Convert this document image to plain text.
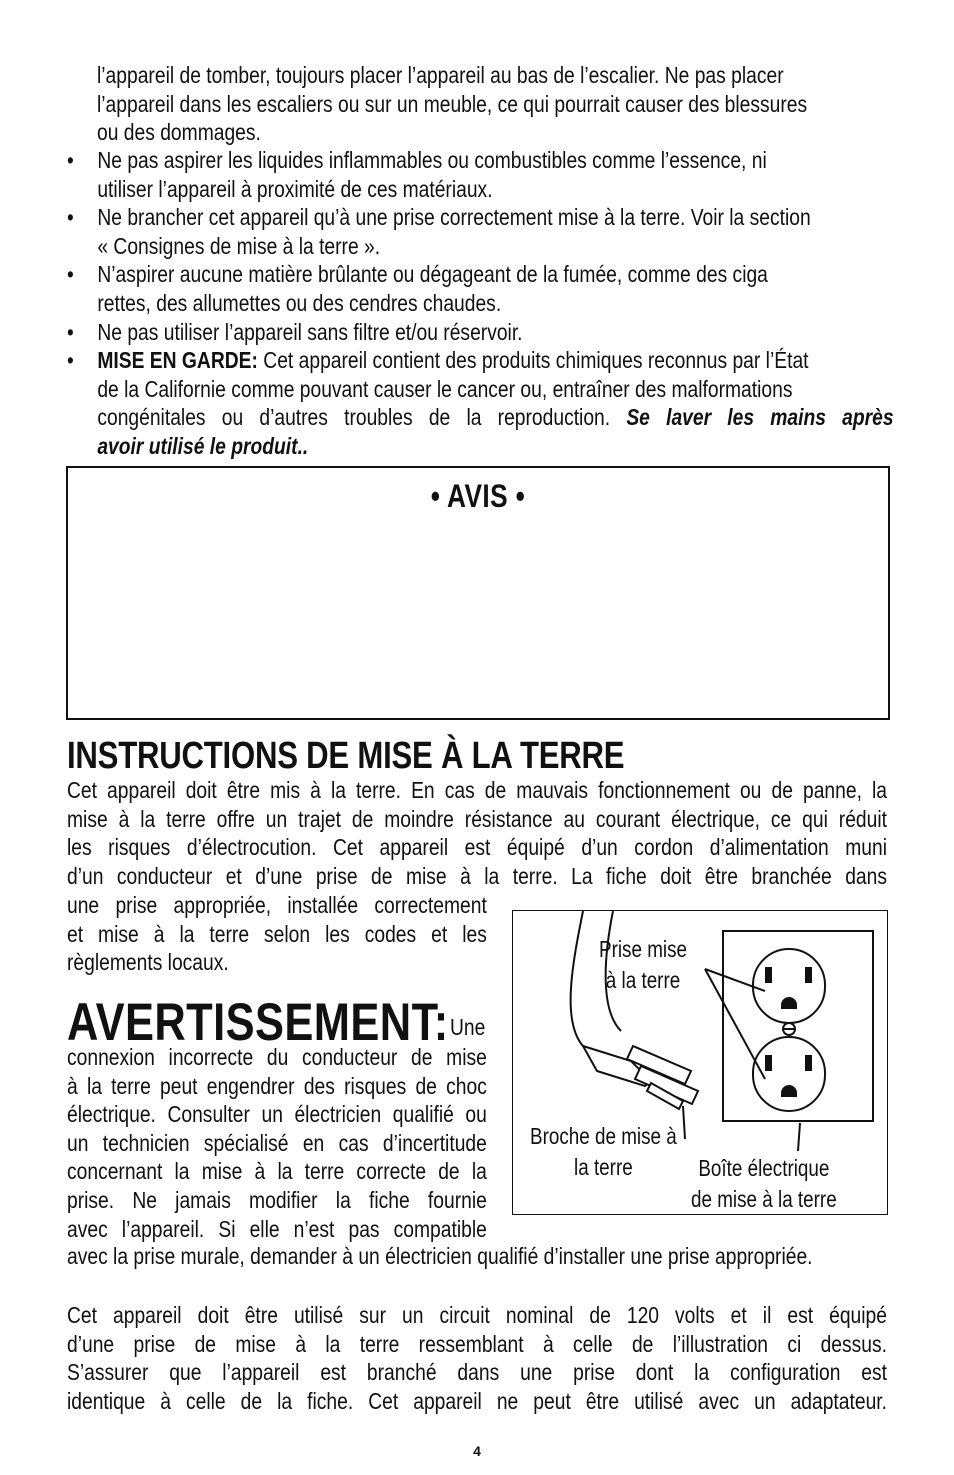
l’appareil de tomber, toujours placer l’appareil au bas de l’escalier. Ne pas placer
l’appareil dans les escaliers ou sur un meuble, ce qui pourrait causer des blessures
ou des dommages.
• Ne pas aspirer les liquides inflammables ou combustibles comme l’essence, ni
utiliser l’appareil à proximité de ces matériaux.
• Ne brancher cet appareil qu’à une prise correctement mise à la terre. Voir la section
« Consignes de mise à la terre ».
• N’aspirer aucune matière brûlante ou dégageant de la fumée, comme des ciga
rettes, des allumettes ou des cendres chaudes.
• Ne pas utiliser l’appareil sans filtre et/ou réservoir.
• MISE EN GARDE: Cet appareil contient des produits chimiques reconnus par l’État
de la Californie comme pouvant causer le cancer ou, entraîner des malformations
congénitales ou d’autres troubles de la reproduction. Se laver les mains après
avoir utilisé le produit..
• AVIS •
INSTRUCTIONS DE MISE À LA TERRE
Cet appareil doit être mis à la terre. En cas de mauvais fonctionnement ou de panne, la
mise à la terre offre un trajet de moindre résistance au courant électrique, ce qui réduit
les risques d’électrocution. Cet appareil est équipé d’un cordon d’alimentation muni
d’un conducteur et d’une prise de mise à la terre. La fiche doit être branchée dans
une prise appropriée, installée correctement
et mise à la terre selon les codes et les
règlements locaux.
AVERTISSEMENT: Une
connexion incorrecte du conducteur de mise
à la terre peut engendrer des risques de choc
électrique. Consulter un électricien qualifié ou
un technicien spécialisé en cas d’incertitude
concernant la mise à la terre correcte de la
prise. Ne jamais modifier la fiche fournie
avec l’appareil. Si elle n’est pas compatible
avec la prise murale, demander à un électricien qualifié d’installer une prise appropriée.
Prise mise
à la terre
Broche de mise à
la terre	Boîte électrique
de mise à la terre
Cet appareil doit être utilisé sur un circuit nominal de 120 volts et il est équipé
d’une prise de mise à la terre ressemblant à celle de l’illustration ci dessus.
S’assurer que l’appareil est branché dans une prise dont la configuration est
identique à celle de la fiche. Cet appareil ne peut être utilisé avec un adaptateur.
4
